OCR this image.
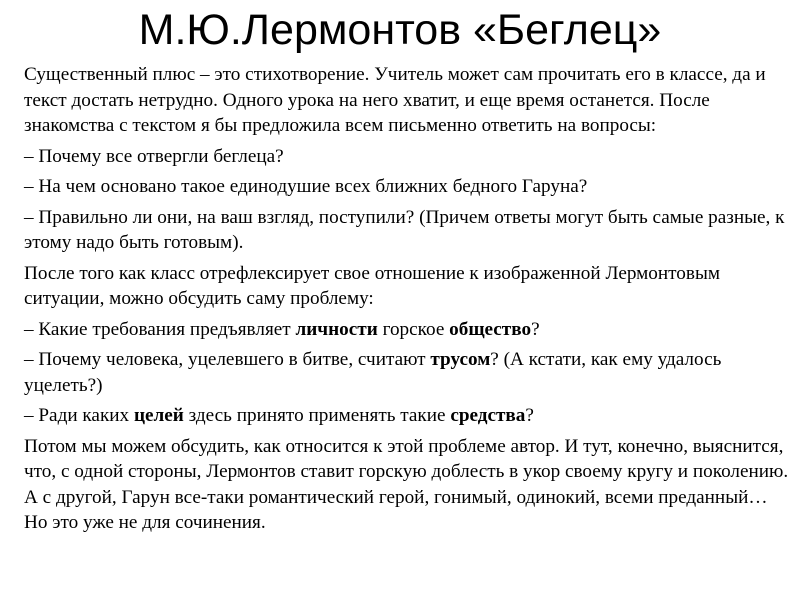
М.Ю.Лермонтов «Беглец»

Существенный плюс – это стихотворение. Учитель может сам прочитать его в классе, да и текст достать нетрудно. Одного урока на него хватит, и еще время останется. После знакомства с текстом я бы предложила всем письменно ответить на вопросы:

– Почему все отвергли беглеца?

– На чем основано такое единодушие всех ближних бедного Гаруна?

– Правильно ли они, на ваш взгляд, поступили? (Причем ответы могут быть самые разные, к этому надо быть готовым).

После того как класс отрефлексирует свое отношение к изображенной Лермонтовым ситуации, можно обсудить саму проблему:

– Какие требования предъявляет личности горское общество?

– Почему человека, уцелевшего в битве, считают трусом? (А кстати, как ему удалось уцелеть?)

– Ради каких целей здесь принято применять такие средства?

Потом мы можем обсудить, как относится к этой проблеме автор. И тут, конечно, выяснится, что, с одной стороны, Лермонтов ставит горскую доблесть в укор своему кругу и поколению. А с другой, Гарун все-таки романтический герой, гонимый, одинокий, всеми преданный… Но это уже не для сочинения.
